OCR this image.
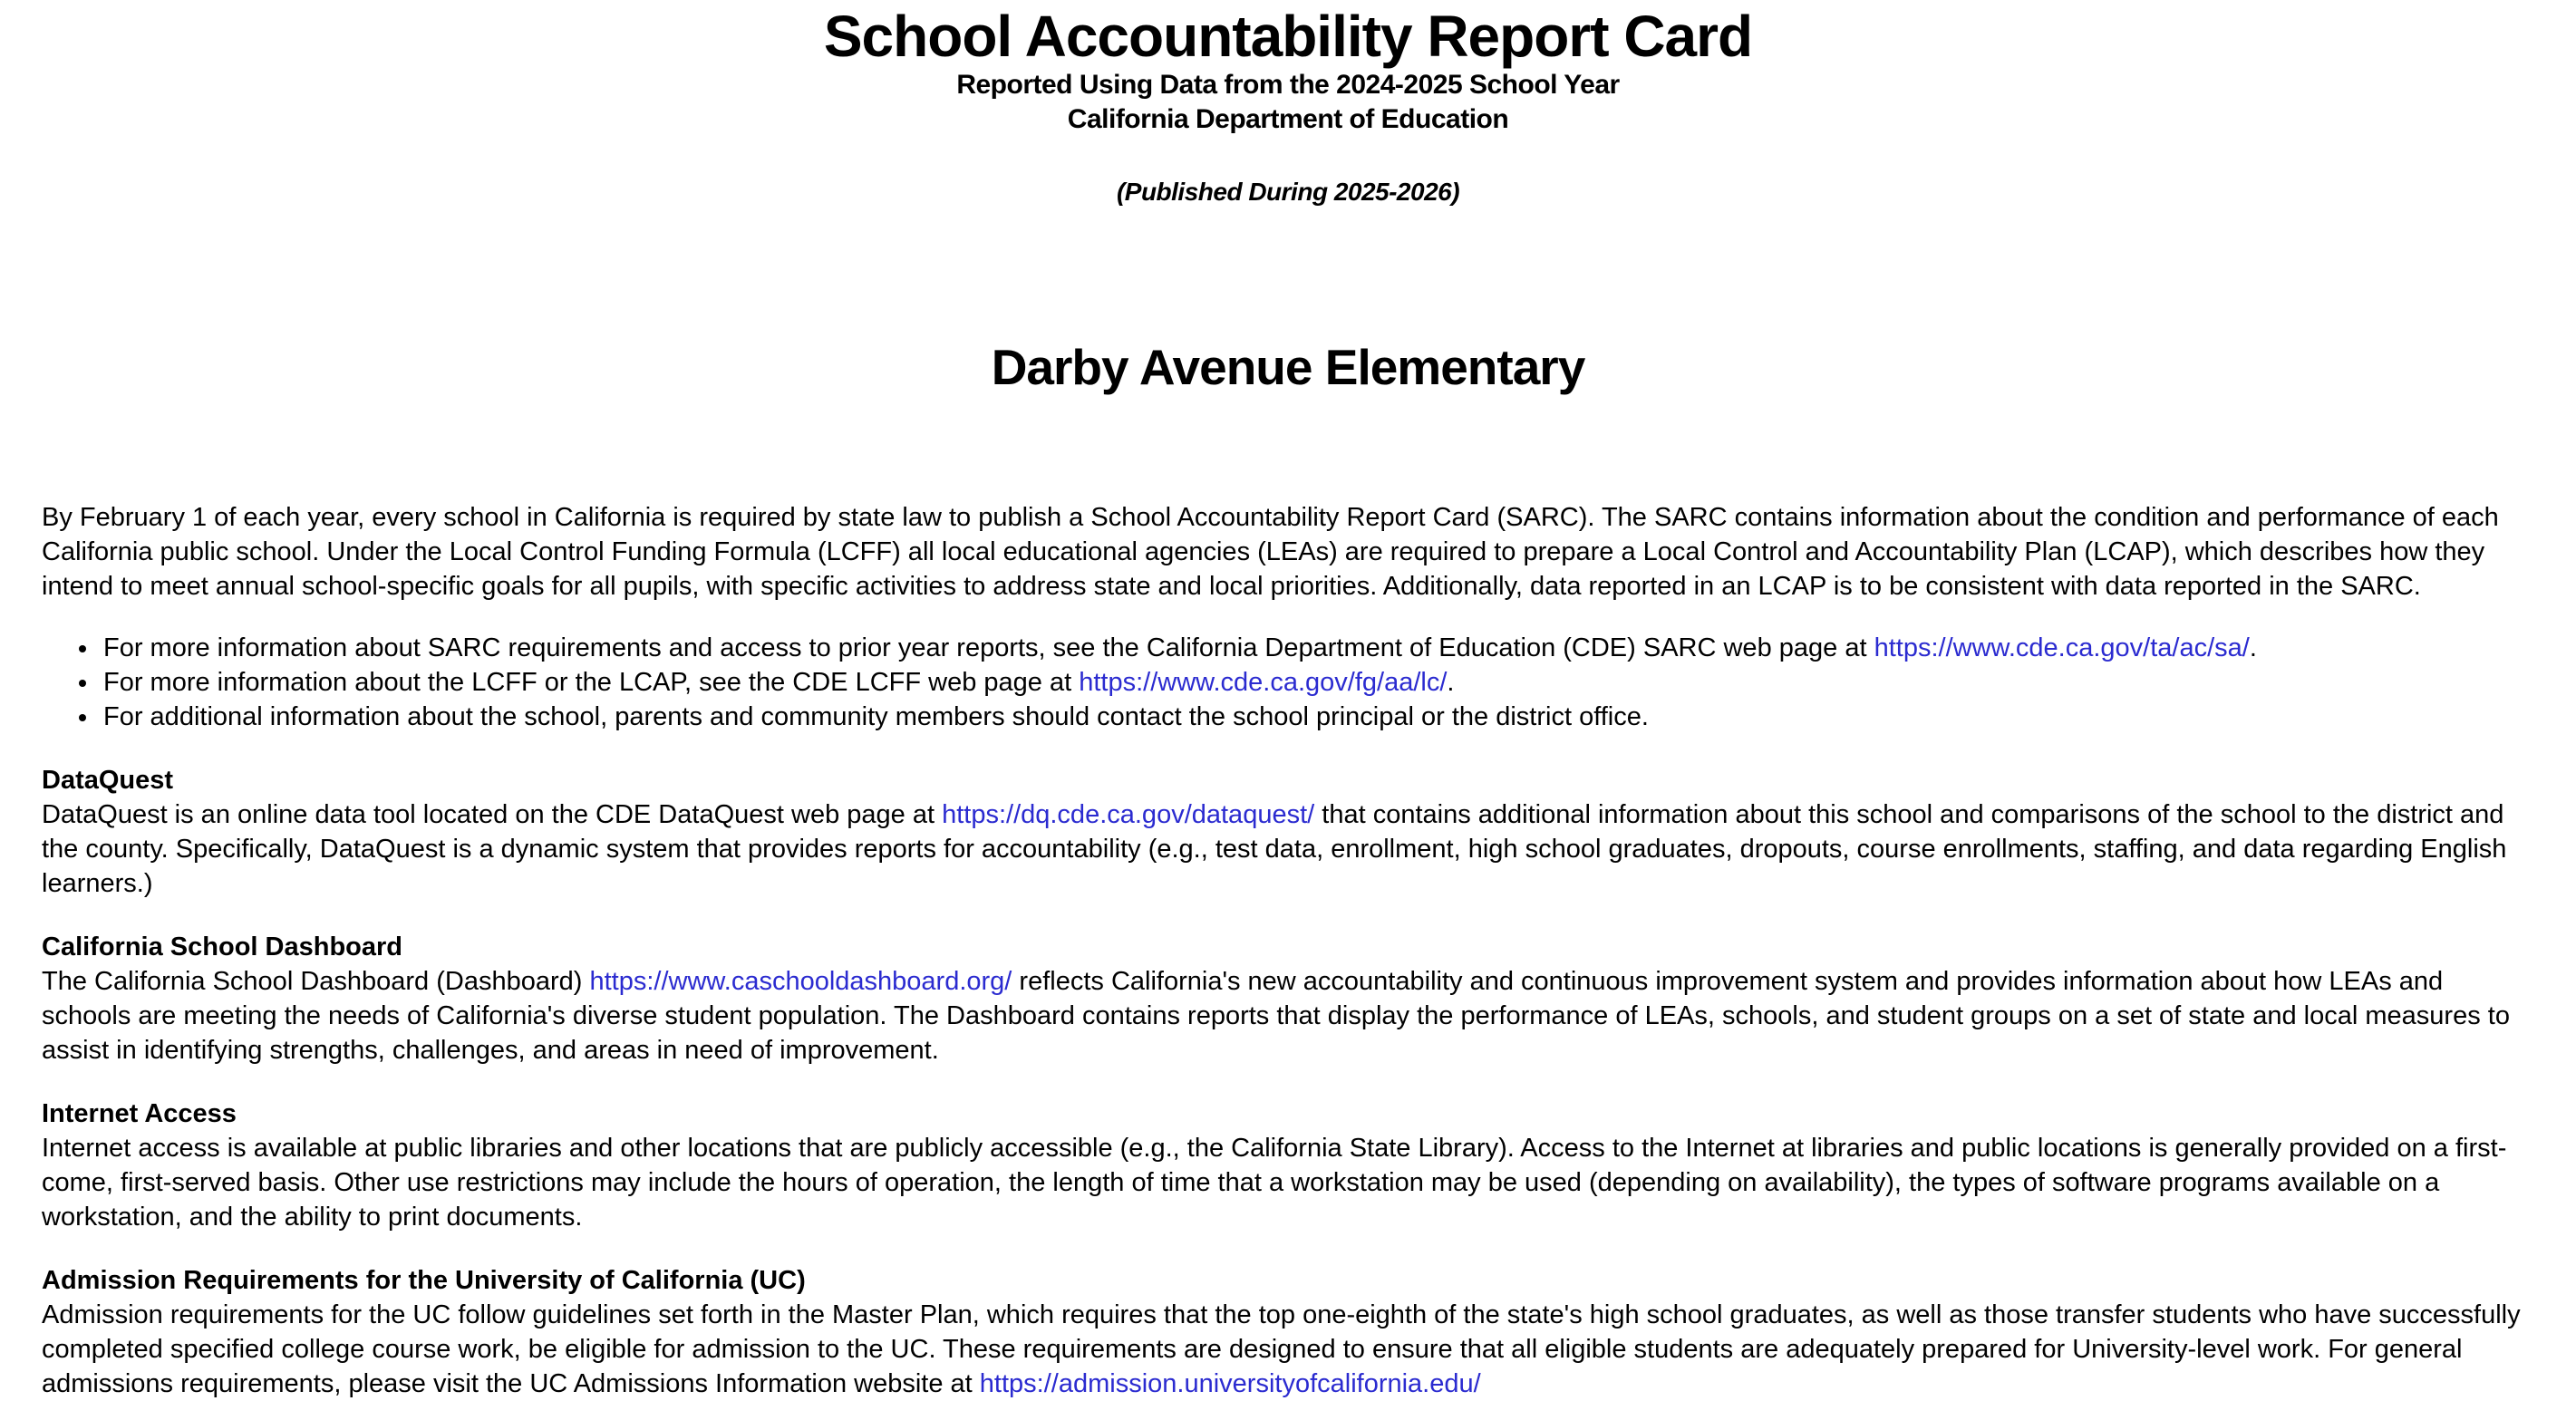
School Accountability Report Card
Reported Using Data from the 2024-2025 School Year
California Department of Education
(Published During 2025-2026)
Darby Avenue Elementary
By February 1 of each year, every school in California is required by state law to publish a School Accountability Report Card (SARC). The SARC contains information about the condition and performance of each California public school. Under the Local Control Funding Formula (LCFF) all local educational agencies (LEAs) are required to prepare a Local Control and Accountability Plan (LCAP), which describes how they intend to meet annual school-specific goals for all pupils, with specific activities to address state and local priorities. Additionally, data reported in an LCAP is to be consistent with data reported in the SARC.
• For more information about SARC requirements and access to prior year reports, see the California Department of Education (CDE) SARC web page at https://www.cde.ca.gov/ta/ac/sa/.
• For more information about the LCFF or the LCAP, see the CDE LCFF web page at https://www.cde.ca.gov/fg/aa/lc/.
• For additional information about the school, parents and community members should contact the school principal or the district office.
DataQuest
DataQuest is an online data tool located on the CDE DataQuest web page at https://dq.cde.ca.gov/dataquest/ that contains additional information about this school and comparisons of the school to the district and the county. Specifically, DataQuest is a dynamic system that provides reports for accountability (e.g., test data, enrollment, high school graduates, dropouts, course enrollments, staffing, and data regarding English learners.)
California School Dashboard
The California School Dashboard (Dashboard) https://www.caschooldashboard.org/ reflects California's new accountability and continuous improvement system and provides information about how LEAs and schools are meeting the needs of California's diverse student population. The Dashboard contains reports that display the performance of LEAs, schools, and student groups on a set of state and local measures to assist in identifying strengths, challenges, and areas in need of improvement.
Internet Access
Internet access is available at public libraries and other locations that are publicly accessible (e.g., the California State Library). Access to the Internet at libraries and public locations is generally provided on a first-come, first-served basis. Other use restrictions may include the hours of operation, the length of time that a workstation may be used (depending on availability), the types of software programs available on a workstation, and the ability to print documents.
Admission Requirements for the University of California (UC)
Admission requirements for the UC follow guidelines set forth in the Master Plan, which requires that the top one-eighth of the state's high school graduates, as well as those transfer students who have successfully completed specified college course work, be eligible for admission to the UC. These requirements are designed to ensure that all eligible students are adequately prepared for University-level work. For general admissions requirements, please visit the UC Admissions Information website at https://admission.universityofcalifornia.edu/
